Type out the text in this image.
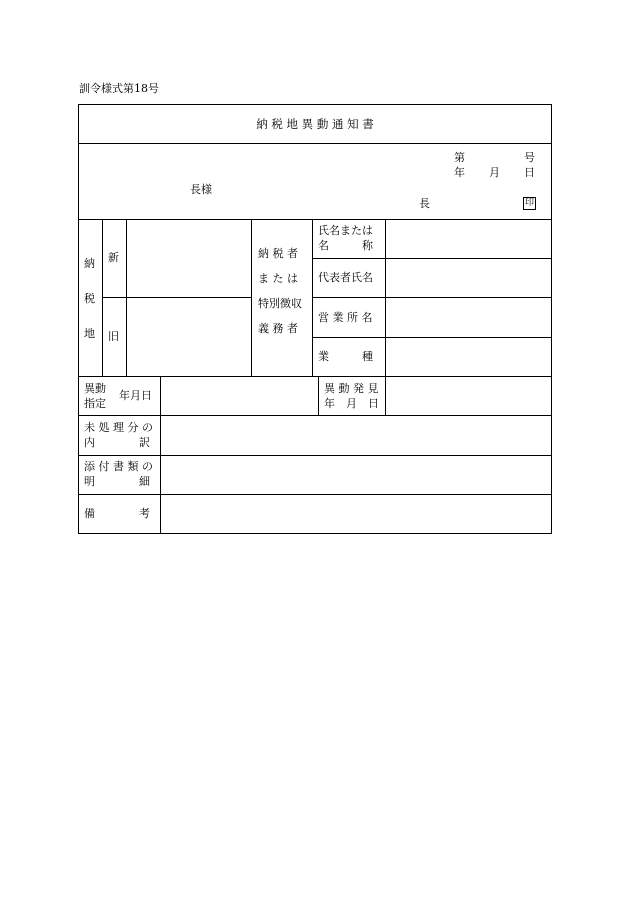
訓令様式第18号
納 税 地 異 動 通 知 書
第	号
年 月 日
長様
長	印
納
税
地
新
旧
納 税 者
ま た は
特別徴収
義 務 者
氏名または
名　　　称
代表者氏名
営 業 所 名
業　　　種
異動
指定
年月日
異 動 発 見
年　月　日
未 処 理 分 の
内　　　　訳
添 付 書 類 の
明　　　　細
備　　　　考
